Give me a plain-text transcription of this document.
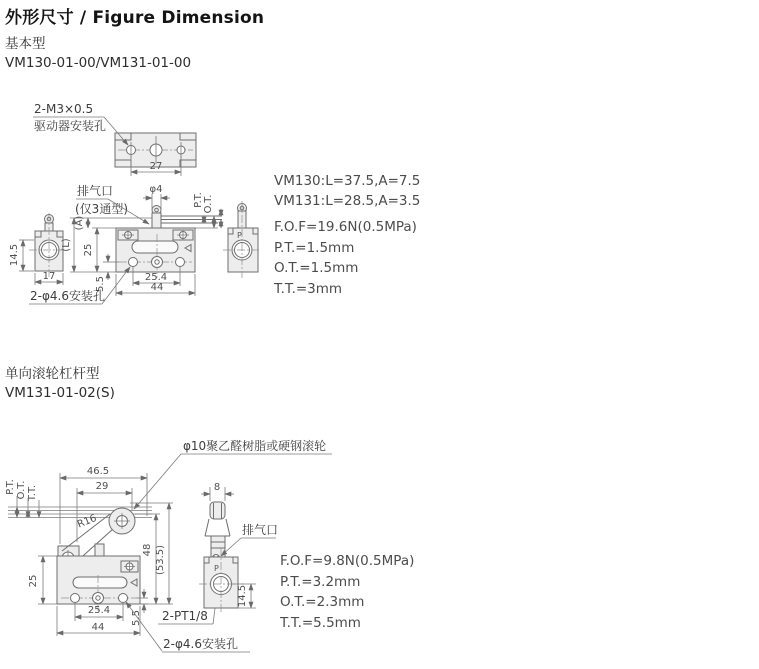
外形尺寸 / Figure Dimension
基本型
VM130-01-00/VM131-01-00
27
2-M3×0.5
驱动器安装孔
14.5
17
φ4
P.T. O.T.
排气口
(仅3通型)
(A)
(L) 25
5.5	25.4
44
2-φ4.6安装孔
P
VM130:L=37.5,A=7.5
VM131:L=28.5,A=3.5
F.O.F=19.6N(0.5MPa)
P.T.=1.5mm
O.T.=1.5mm
T.T.=3mm
单向滚轮杠杆型
VM131-01-02(S)
φ10聚乙醛树脂或硬钢滚轮
46.5
29
P.T. O.T. T.T.
R16
25
48 (53.5)
25.4
44
5.5 2-PT1/8
2-φ4.6安装孔
8
排气口
P
14.5
F.O.F=9.8N(0.5MPa)
P.T.=3.2mm
O.T.=2.3mm
T.T.=5.5mm
